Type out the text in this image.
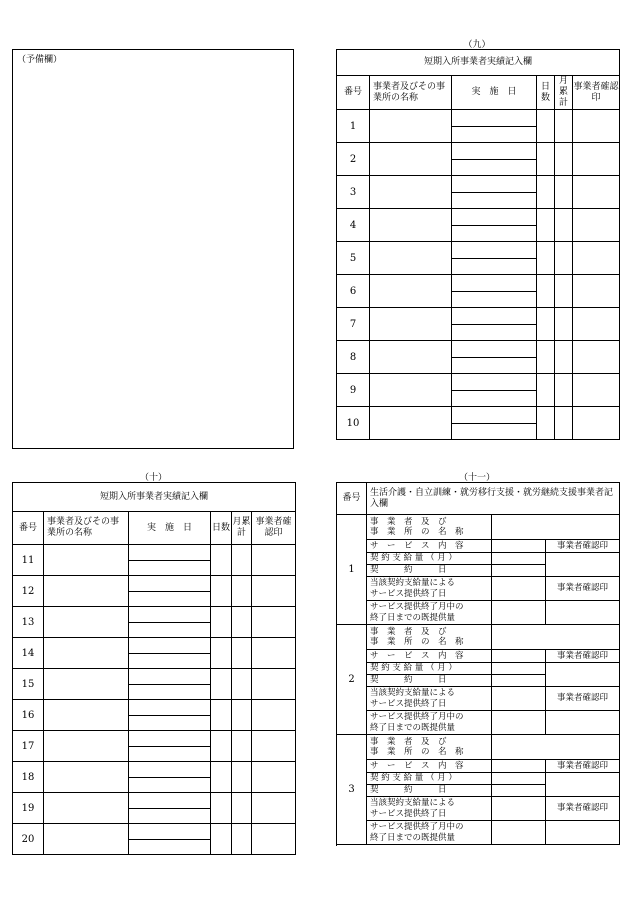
（予備欄）
（九）
短期入所事業者実績記入欄					
番号	事業者及びその事業所の名称	実　施　日	日数	月累計	事業者確認印
1					

2					

3					

4					

5					

6					

7					

8					

9					

10					

（十）
短期入所事業者実績記入欄					
番号	事業者及びその事業所の名称	実　施　日	日数	月累計	事業者確認印
11					

12					

13					

14					

15					

16					

17					

18					

19					

20					

（十一）
番号	生活介護・自立訓練・就労移行支援・就労継続支援事業者記入欄		
1	事　業　者　及　び
事　業　所　の　名　称		
	サ　ー　ビ　ス　内　容		事業者確認印
	契 約 支 給 量 （ 月 ）		
	契　　　約　　　日		
	当該契約支給量による
サービス提供終了日		事業者確認印
	サービス提供終了月中の
終了日までの既提供量		

2	事　業　者　及　び
事　業　所　の　名　称		
	サ　ー　ビ　ス　内　容		事業者確認印
	契 約 支 給 量 （ 月 ）		
	契　　　約　　　日		
	当該契約支給量による
サービス提供終了日		事業者確認印
	サービス提供終了月中の
終了日までの既提供量		

3	事　業　者　及　び
事　業　所　の　名　称		
	サ　ー　ビ　ス　内　容		事業者確認印
	契 約 支 給 量 （ 月 ）		
	契　　　約　　　日		
	当該契約支給量による
サービス提供終了日		事業者確認印
	サービス提供終了月中の
終了日までの既提供量		
